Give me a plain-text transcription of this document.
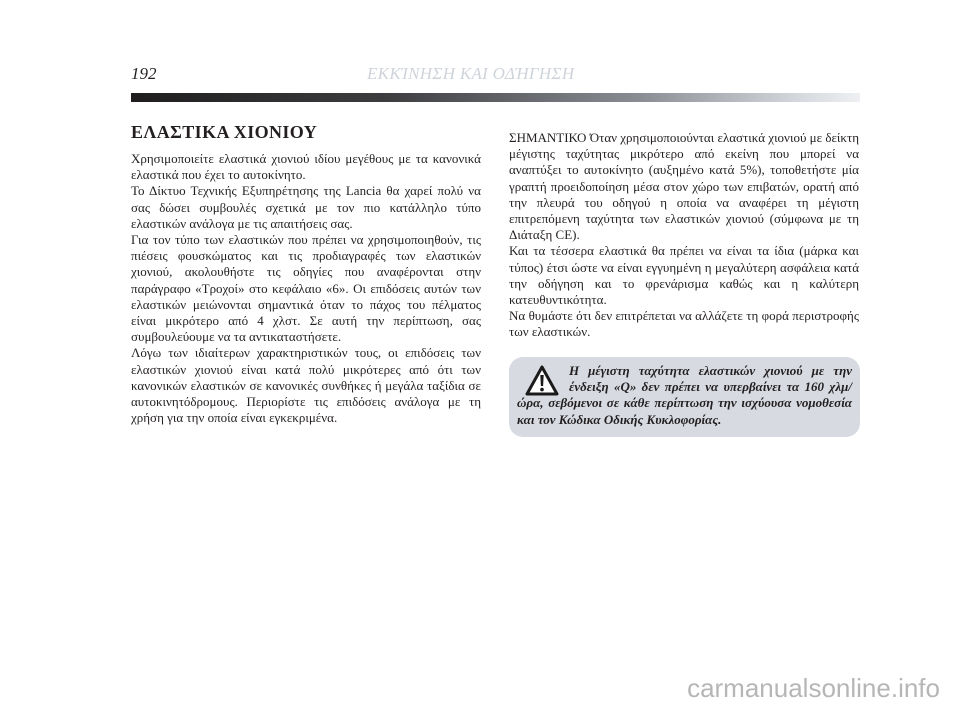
192	ΕΚΚΊΝΗΣΗ ΚΑΙ ΟΔΉΓΗΣΗ
ΕΛΑΣΤΙΚΑ ΧΙΟΝΙΟΥ

Χρησιμοποιείτε ελαστικά χιονιού ιδίου μεγέθους με τα κανονικά ελαστικά που έχει το αυτοκίνητο.

Το Δίκτυο Τεχνικής Εξυπηρέτησης της Lancia θα χαρεί πολύ να σας δώσει συμβουλές σχετικά με τον πιο κατάλληλο τύπο ελαστικών ανάλογα με τις απαιτήσεις σας.

Για τον τύπο των ελαστικών που πρέπει να χρησιμοποιηθούν, τις πιέσεις φουσκώματος και τις προδιαγραφές των ελαστικών χιονιού, ακολουθήστε τις οδηγίες που αναφέρονται στην παράγραφο «Τροχοί» στο κεφάλαιο «6». Οι επιδόσεις αυτών των ελαστικών μειώνονται σημαντικά όταν το πάχος του πέλματος είναι μικρότερο από 4 χλστ. Σε αυτή την περίπτωση, σας συμβουλεύουμε να τα αντικαταστήσετε.

Λόγω των ιδιαίτερων χαρακτηριστικών τους, οι επιδόσεις των ελαστικών χιονιού είναι κατά πολύ μικρότερες από ότι των κανονικών ελαστικών σε κανονικές συνθήκες ή μεγάλα ταξίδια σε αυτοκινητόδρομους. Περιορίστε τις επιδόσεις ανάλογα με τη χρήση για την οποία είναι εγκεκριμένα.

ΣΗΜΑΝΤΙΚΟ Όταν χρησιμοποιούνται ελαστικά χιονιού με δείκτη μέγιστης ταχύτητας μικρότερο από εκείνη που μπορεί να αναπτύξει το αυτοκίνητο (αυξημένο κατά 5%), τοποθετήστε μία γραπτή προειδοποίηση μέσα στον χώρο των επιβατών, ορατή από την πλευρά του οδηγού η οποία να αναφέρει τη μέγιστη επιτρεπόμενη ταχύτητα των ελαστικών χιονιού (σύμφωνα με τη Διάταξη CE).

Και τα τέσσερα ελαστικά θα πρέπει να είναι τα ίδια (μάρκα και τύπος) έτσι ώστε να είναι εγγυημένη η μεγαλύτερη ασφάλεια κατά την οδήγηση και το φρενάρισμα καθώς και η καλύτερη κατευθυντικότητα.

Να θυμάστε ότι δεν επιτρέπεται να αλλάζετε τη φορά περιστροφής των ελαστικών.

Η μέγιστη ταχύτητα ελαστικών χιονιού με την ένδειξη «Q» δεν πρέπει να υπερβαίνει τα 160 χλμ/ώρα, σεβόμενοι σε κάθε περίπτωση την ισχύουσα νομοθεσία και τον Κώδικα Οδικής Κυκλοφορίας.

carmanualsonline.info
